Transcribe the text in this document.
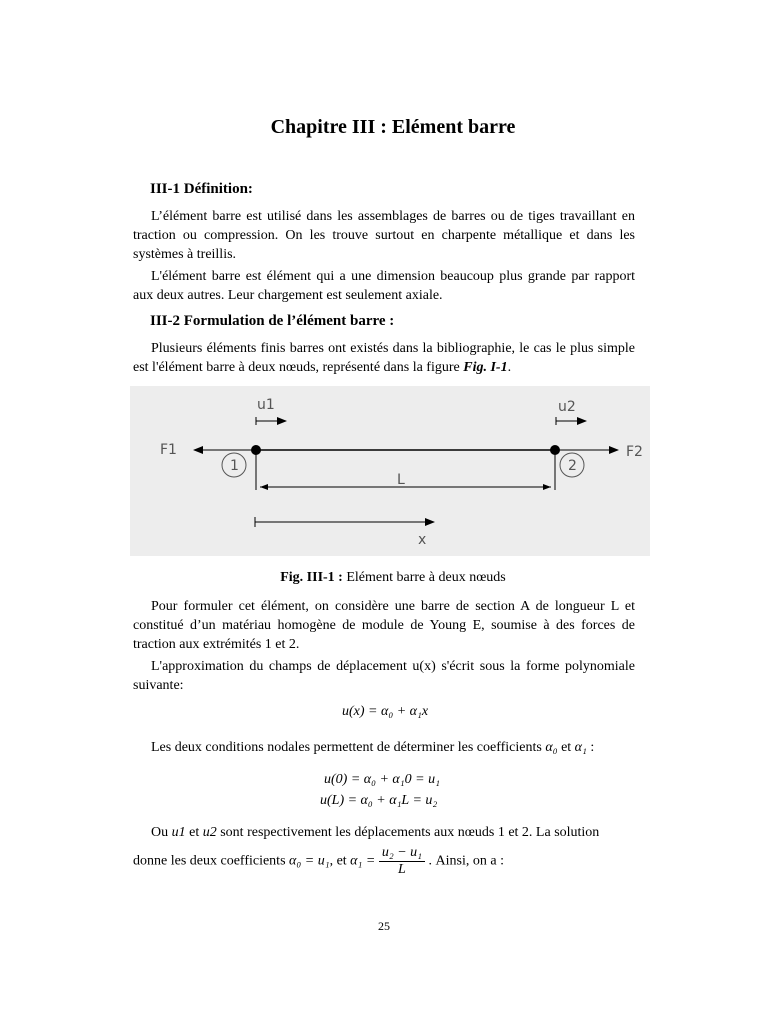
Chapitre III : Elément barre
III-1 Définition:

L’élément barre est utilisé dans les assemblages de barres ou de tiges travaillant en traction ou compression. On les trouve surtout en charpente métallique et dans les systèmes à treillis.

L'élément barre est élément qui a une dimension beaucoup plus grande par rapport aux deux autres. Leur chargement est seulement axiale.

III-2 Formulation de l’élément barre :

Plusieurs éléments finis barres ont existés dans la bibliographie, le cas le plus simple est l'élément barre à deux nœuds, représenté dans la figure Fig. I-1.

u1	u2
F1	F2
1	2
L
x
Fig. III-1 : Elément barre à deux nœuds

Pour formuler cet élément, on considère une barre de section A de longueur L et constitué d’un matériau homogène de module de Young E, soumise à des forces de traction aux extrémités 1 et 2.

L'approximation du champs de déplacement u(x) s'écrit sous la forme polynomiale suivante:

u(x) = α₀ + α₁x

Les deux conditions nodales permettent de déterminer les coefficients α₀ et α₁ :

u(0) = α₀ + α₁0 = u₁
u(L) = α₀ + α₁L = u₂

Ou u1 et u2 sont respectivement les déplacements aux nœuds 1 et 2. La solution

donne les deux coefficients α₀ = u₁, et $\alpha_1 = \frac{\text{u₂ − u₁}}{L}$ . Ainsi, on a :
25
